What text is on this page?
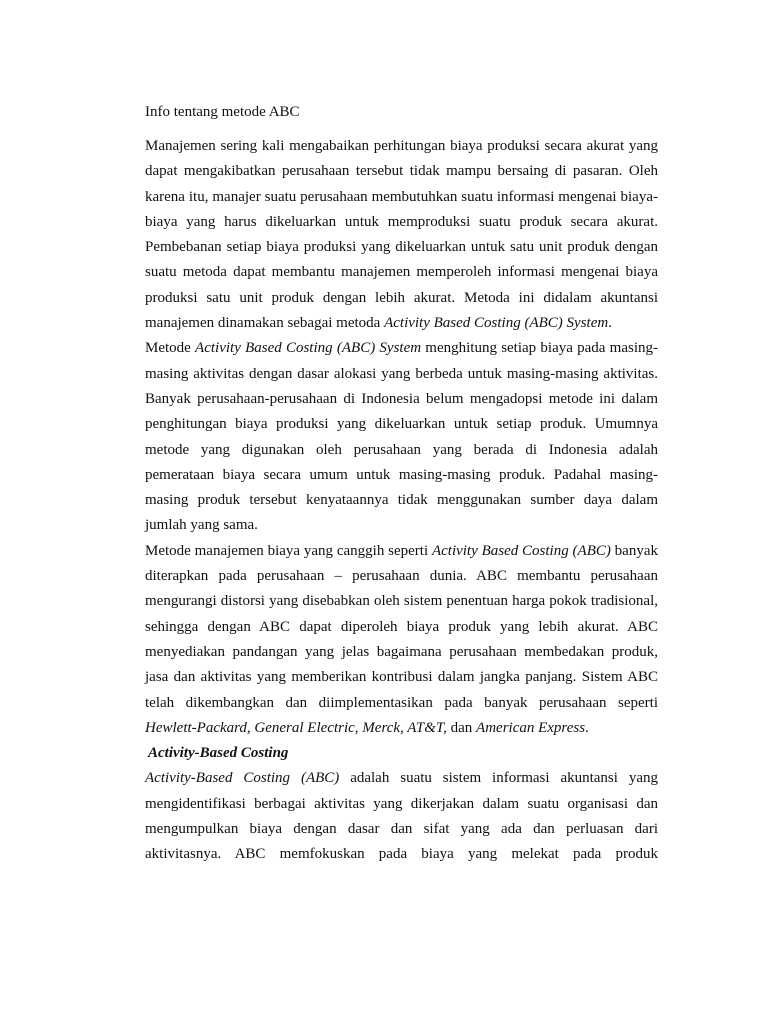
Info tentang metode ABC

Manajemen sering kali mengabaikan perhitungan biaya produksi secara akurat yang dapat mengakibatkan perusahaan tersebut tidak mampu bersaing di pasaran. Oleh karena itu, manajer suatu perusahaan membutuhkan suatu informasi mengenai biaya-biaya yang harus dikeluarkan untuk memproduksi suatu produk secara akurat. Pembebanan setiap biaya produksi yang dikeluarkan untuk satu unit produk dengan suatu metoda dapat membantu manajemen memperoleh informasi mengenai biaya produksi satu unit produk dengan lebih akurat. Metoda ini didalam akuntansi manajemen dinamakan sebagai metoda Activity Based Costing (ABC) System.

Metode Activity Based Costing (ABC) System menghitung setiap biaya pada masing-masing aktivitas dengan dasar alokasi yang berbeda untuk masing-masing aktivitas. Banyak perusahaan-perusahaan di Indonesia belum mengadopsi metode ini dalam penghitungan biaya produksi yang dikeluarkan untuk setiap produk. Umumnya metode yang digunakan oleh perusahaan yang berada di Indonesia adalah pemerataan biaya secara umum untuk masing-masing produk. Padahal masing-masing produk tersebut kenyataannya tidak menggunakan sumber daya dalam jumlah yang sama.

Metode manajemen biaya yang canggih seperti Activity Based Costing (ABC) banyak diterapkan pada perusahaan – perusahaan dunia. ABC membantu perusahaan mengurangi distorsi yang disebabkan oleh sistem penentuan harga pokok tradisional, sehingga dengan ABC dapat diperoleh biaya produk yang lebih akurat. ABC menyediakan pandangan yang jelas bagaimana perusahaan membedakan produk, jasa dan aktivitas yang memberikan kontribusi dalam jangka panjang. Sistem ABC telah dikembangkan dan diimplementasikan pada banyak perusahaan seperti Hewlett-Packard, General Electric, Merck, AT&T, dan American Express.

Activity-Based Costing

Activity-Based Costing (ABC) adalah suatu sistem informasi akuntansi yang mengidentifikasi berbagai aktivitas yang dikerjakan dalam suatu organisasi dan mengumpulkan biaya dengan dasar dan sifat yang ada dan perluasan dari aktivitasnya. ABC memfokuskan pada biaya yang melekat pada produk
